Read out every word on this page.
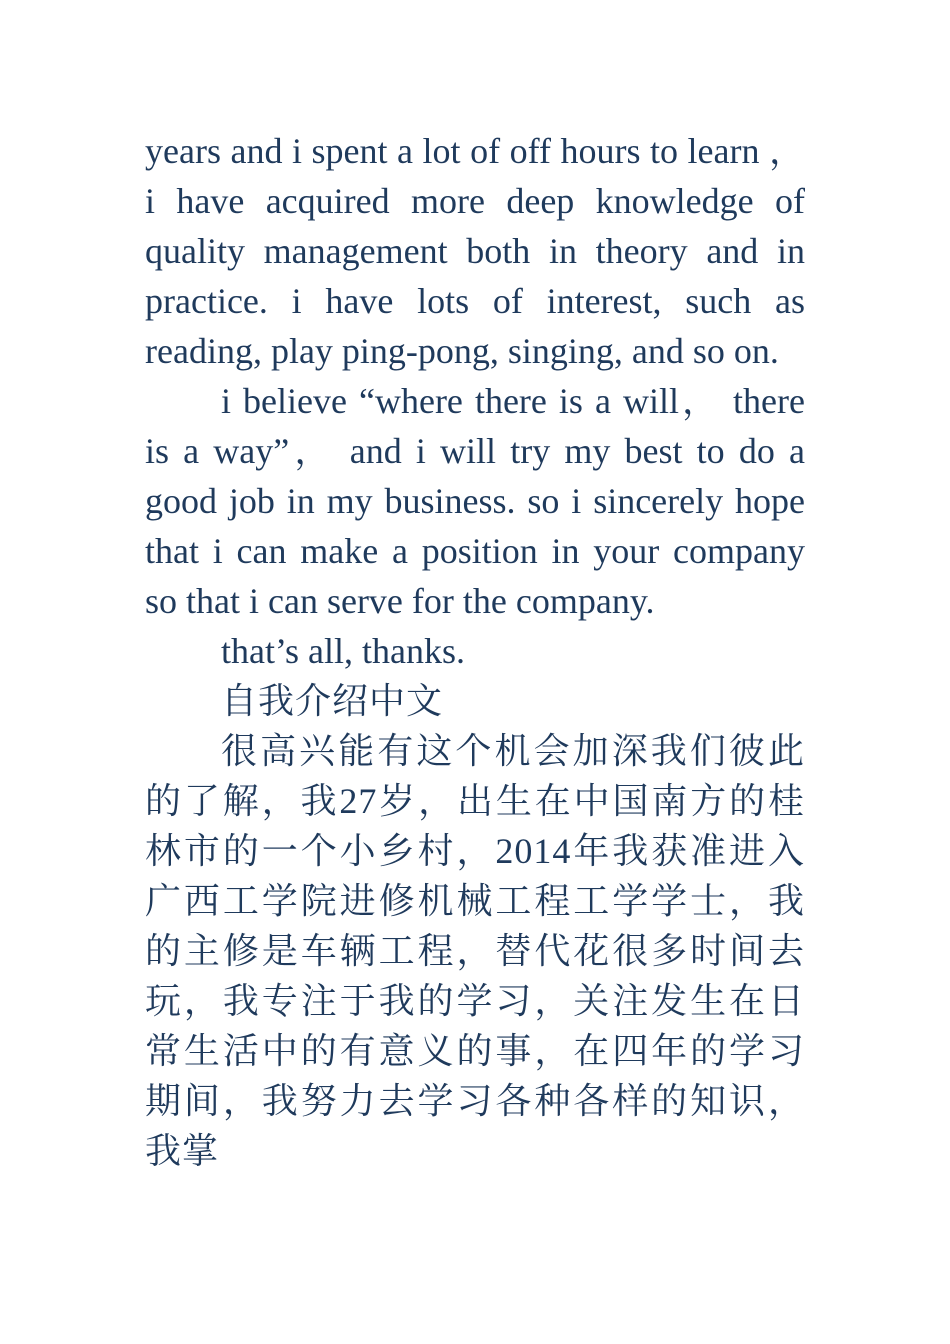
years and i spent a lot of off hours to learn ， i have acquired more deep knowledge of quality management both in theory and in practice. i have lots of interest, such as reading, play ping-pong, singing, and so on.

i believe “where there is a will， there is a way”， and i will try my best to do a good job in my business. so i sincerely hope that i can make a position in your company so that i can serve for the company.

that’s all, thanks.

自我介绍中文

很高兴能有这个机会加深我们彼此的了解，我27岁，出生在中国南方的桂林市的一个小乡村，2014年我获准进入广西工学院进修机械工程工学学士，我的主修是车辆工程，替代花很多时间去玩，我专注于我的学习，关注发生在日常生活中的有意义的事，在四年的学习期间，我努力去学习各种各样的知识，我掌
